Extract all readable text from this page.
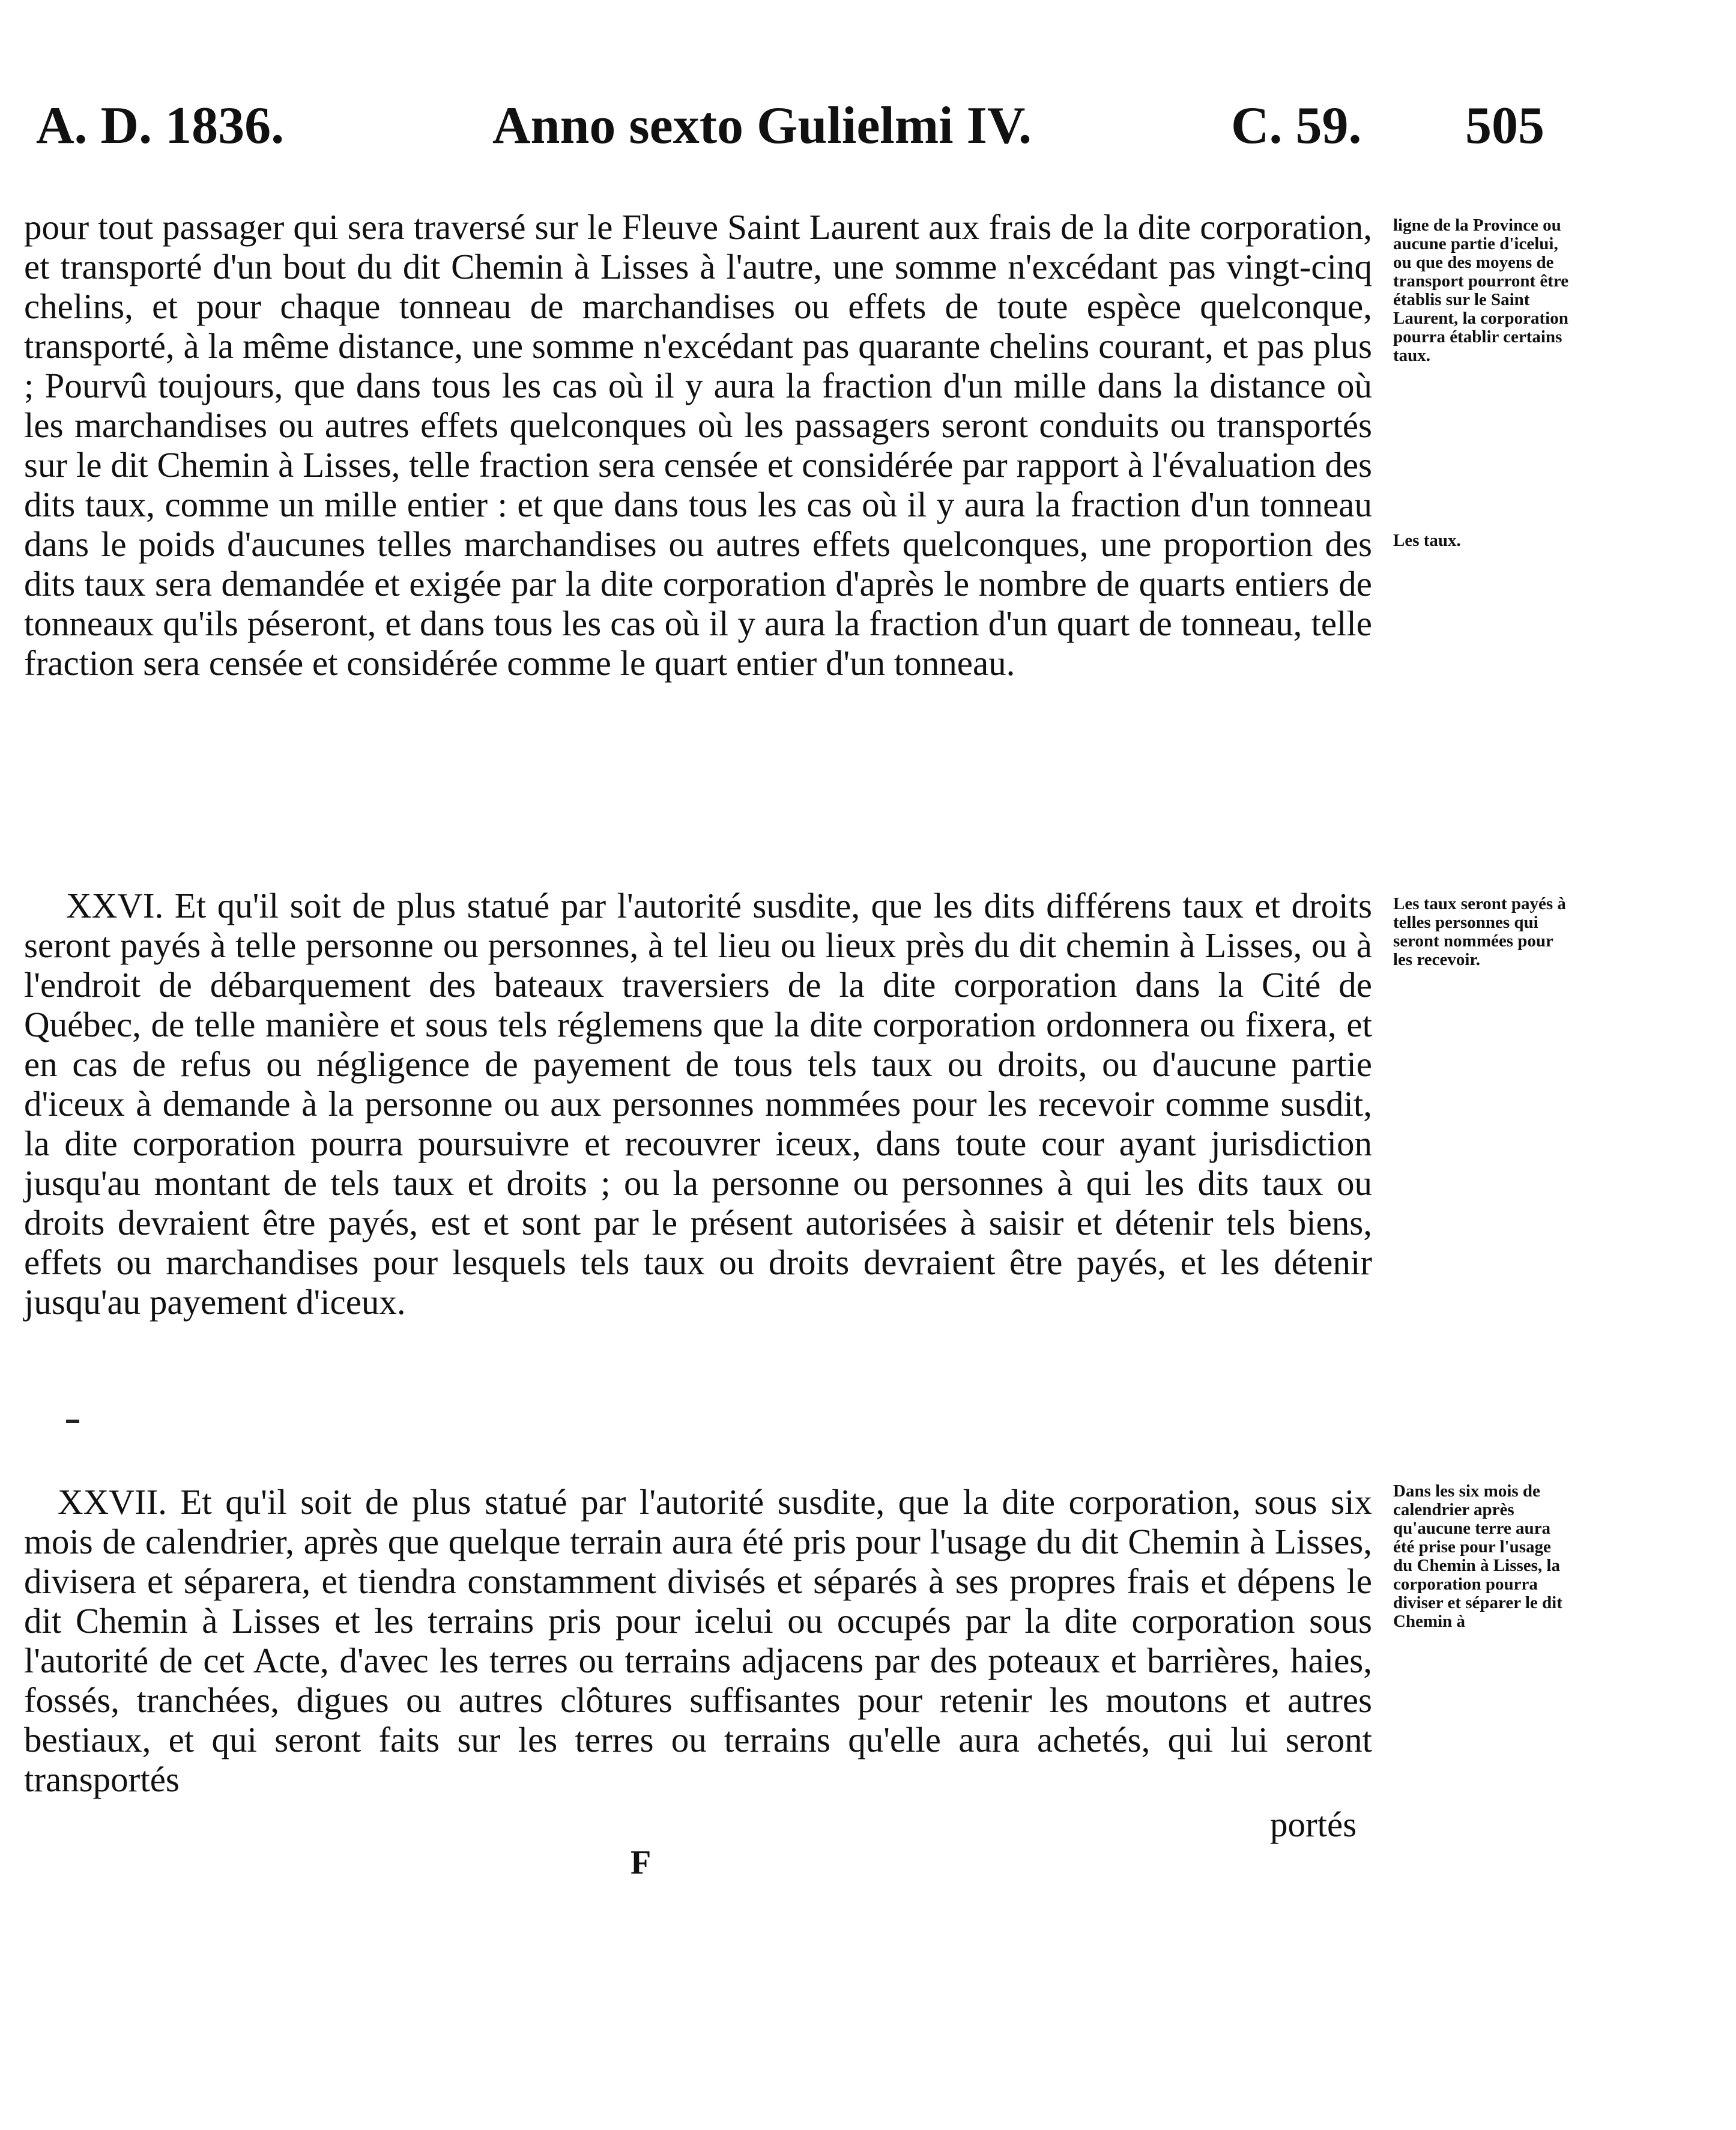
A. D. 1836.	Anno sexto Gulielmi IV.	C. 59. 505
pour tout passager qui sera traversé sur le Fleuve Saint Laurent aux frais de la dite corporation, et transporté d'un bout du dit Chemin à Lisses à l'autre, une somme n'excédant pas vingt-cinq chelins, et pour chaque tonneau de marchandises ou effets de toute espèce quelconque, transporté, à la même distance, une somme n'excédant pas quarante chelins courant, et pas plus ; Pourvû toujours, que dans tous les cas où il y aura la fraction d'un mille dans la distance où les marchandises ou autres effets quelconques où les passagers seront conduits ou transportés sur le dit Chemin à Lisses, telle fraction sera censée et considérée par rapport à l'évaluation des dits taux, comme un mille entier : et que dans tous les cas où il y aura la fraction d'un tonneau dans le poids d'aucunes telles marchandises ou autres effets quelconques, une proportion des dits taux sera demandée et exigée par la dite corporation d'après le nombre de quarts entiers de tonneaux qu'ils péseront, et dans tous les cas où il y aura la fraction d'un quart de tonneau, telle fraction sera censée et considérée comme le quart entier d'un tonneau.
ligne de la Province ou aucune partie d'icelui, ou que des moyens de transport pourront être établis sur le Saint Laurent, la corporation pourra établir certains taux.
Les taux.
XXVI. Et qu'il soit de plus statué par l'autorité susdite, que les dits différens taux et droits seront payés à telle personne ou personnes, à tel lieu ou lieux près du dit chemin à Lisses, ou à l'endroit de débarquement des bateaux traversiers de la dite corporation dans la Cité de Québec, de telle manière et sous tels réglemens que la dite corporation ordonnera ou fixera, et en cas de refus ou négligence de payement de tous tels taux ou droits, ou d'aucune partie d'iceux à demande à la personne ou aux personnes nommées pour les recevoir comme susdit, la dite corporation pourra poursuivre et recouvrer iceux, dans toute cour ayant jurisdiction jusqu'au montant de tels taux et droits ; ou la personne ou personnes à qui les dits taux ou droits devraient être payés, est et sont par le présent autorisées à saisir et détenir tels biens, effets ou marchandises pour lesquels tels taux ou droits devraient être payés, et les détenir jusqu'au payement d'iceux.
Les taux seront payés à telles personnes qui seront nommées pour les recevoir.
XXVII. Et qu'il soit de plus statué par l'autorité susdite, que la dite corporation, sous six mois de calendrier, après que quelque terrain aura été pris pour l'usage du dit Chemin à Lisses, divisera et séparera, et tiendra constamment divisés et séparés à ses propres frais et dépens le dit Chemin à Lisses et les terrains pris pour icelui ou occupés par la dite corporation sous l'autorité de cet Acte, d'avec les terres ou terrains adjacens par des poteaux et barrières, haies, fossés, tranchées, digues ou autres clôtures suffisantes pour retenir les moutons et autres bestiaux, et qui seront faits sur les terres ou terrains qu'elle aura achetés, qui lui seront transportés
Dans les six mois de calendrier après qu'aucune terre aura été prise pour l'usage du Chemin à Lisses, la corporation pourra diviser et séparer le dit Chemin à
portés
F
